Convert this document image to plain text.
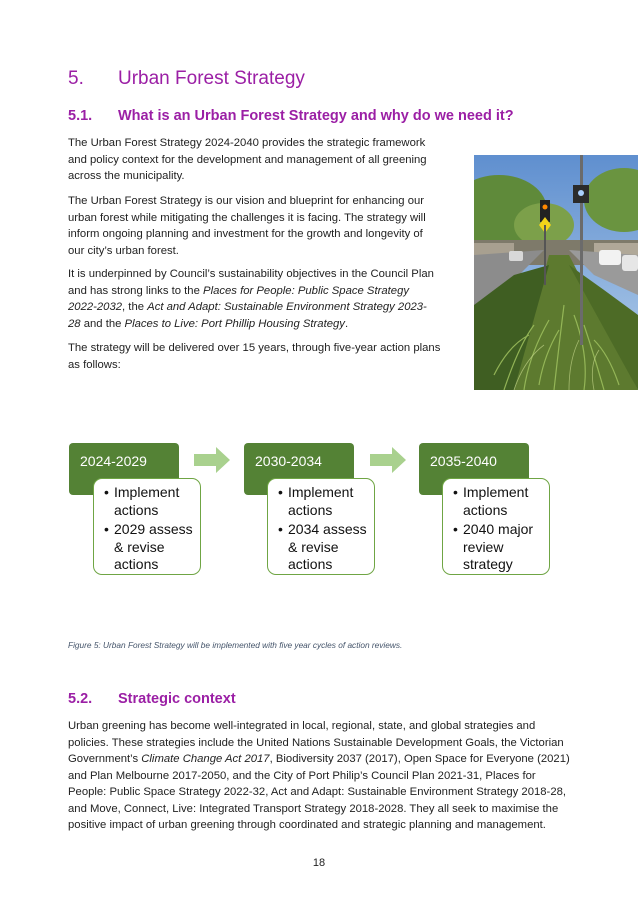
5. Urban Forest Strategy
5.1. What is an Urban Forest Strategy and why do we need it?

The Urban Forest Strategy 2024-2040 provides the strategic framework and policy context for the development and management of all greening across the municipality.

The Urban Forest Strategy is our vision and blueprint for enhancing our urban forest while mitigating the challenges it is facing. The strategy will inform ongoing planning and investment for the growth and longevity of our city’s urban forest.

It is underpinned by Council’s sustainability objectives in the Council Plan and has strong links to the Places for People: Public Space Strategy 2022-2032, the Act and Adapt: Sustainable Environment Strategy 2023-28 and the Places to Live: Port Phillip Housing Strategy.

The strategy will be delivered over 15 years, through five-year action plans as follows:

2024-2029
• Implement actions
• 2029 assess & revise actions
2030-2034
• Implement actions
• 2034 assess & revise actions
2035-2040
• Implement actions
• 2040 major review strategy
Figure 5: Urban Forest Strategy will be implemented with five year cycles of action reviews.
5.2. Strategic context

Urban greening has become well-integrated in local, regional, state, and global strategies and policies. These strategies include the United Nations Sustainable Development Goals, the Victorian Government’s Climate Change Act 2017, Biodiversity 2037 (2017), Open Space for Everyone (2021) and Plan Melbourne 2017-2050, and the City of Port Philip’s Council Plan 2021-31, Places for People: Public Space Strategy 2022-32, Act and Adapt: Sustainable Environment Strategy 2018-28, and Move, Connect, Live: Integrated Transport Strategy 2018-2028. They all seek to maximise the positive impact of urban greening through coordinated and strategic planning and management.

18
